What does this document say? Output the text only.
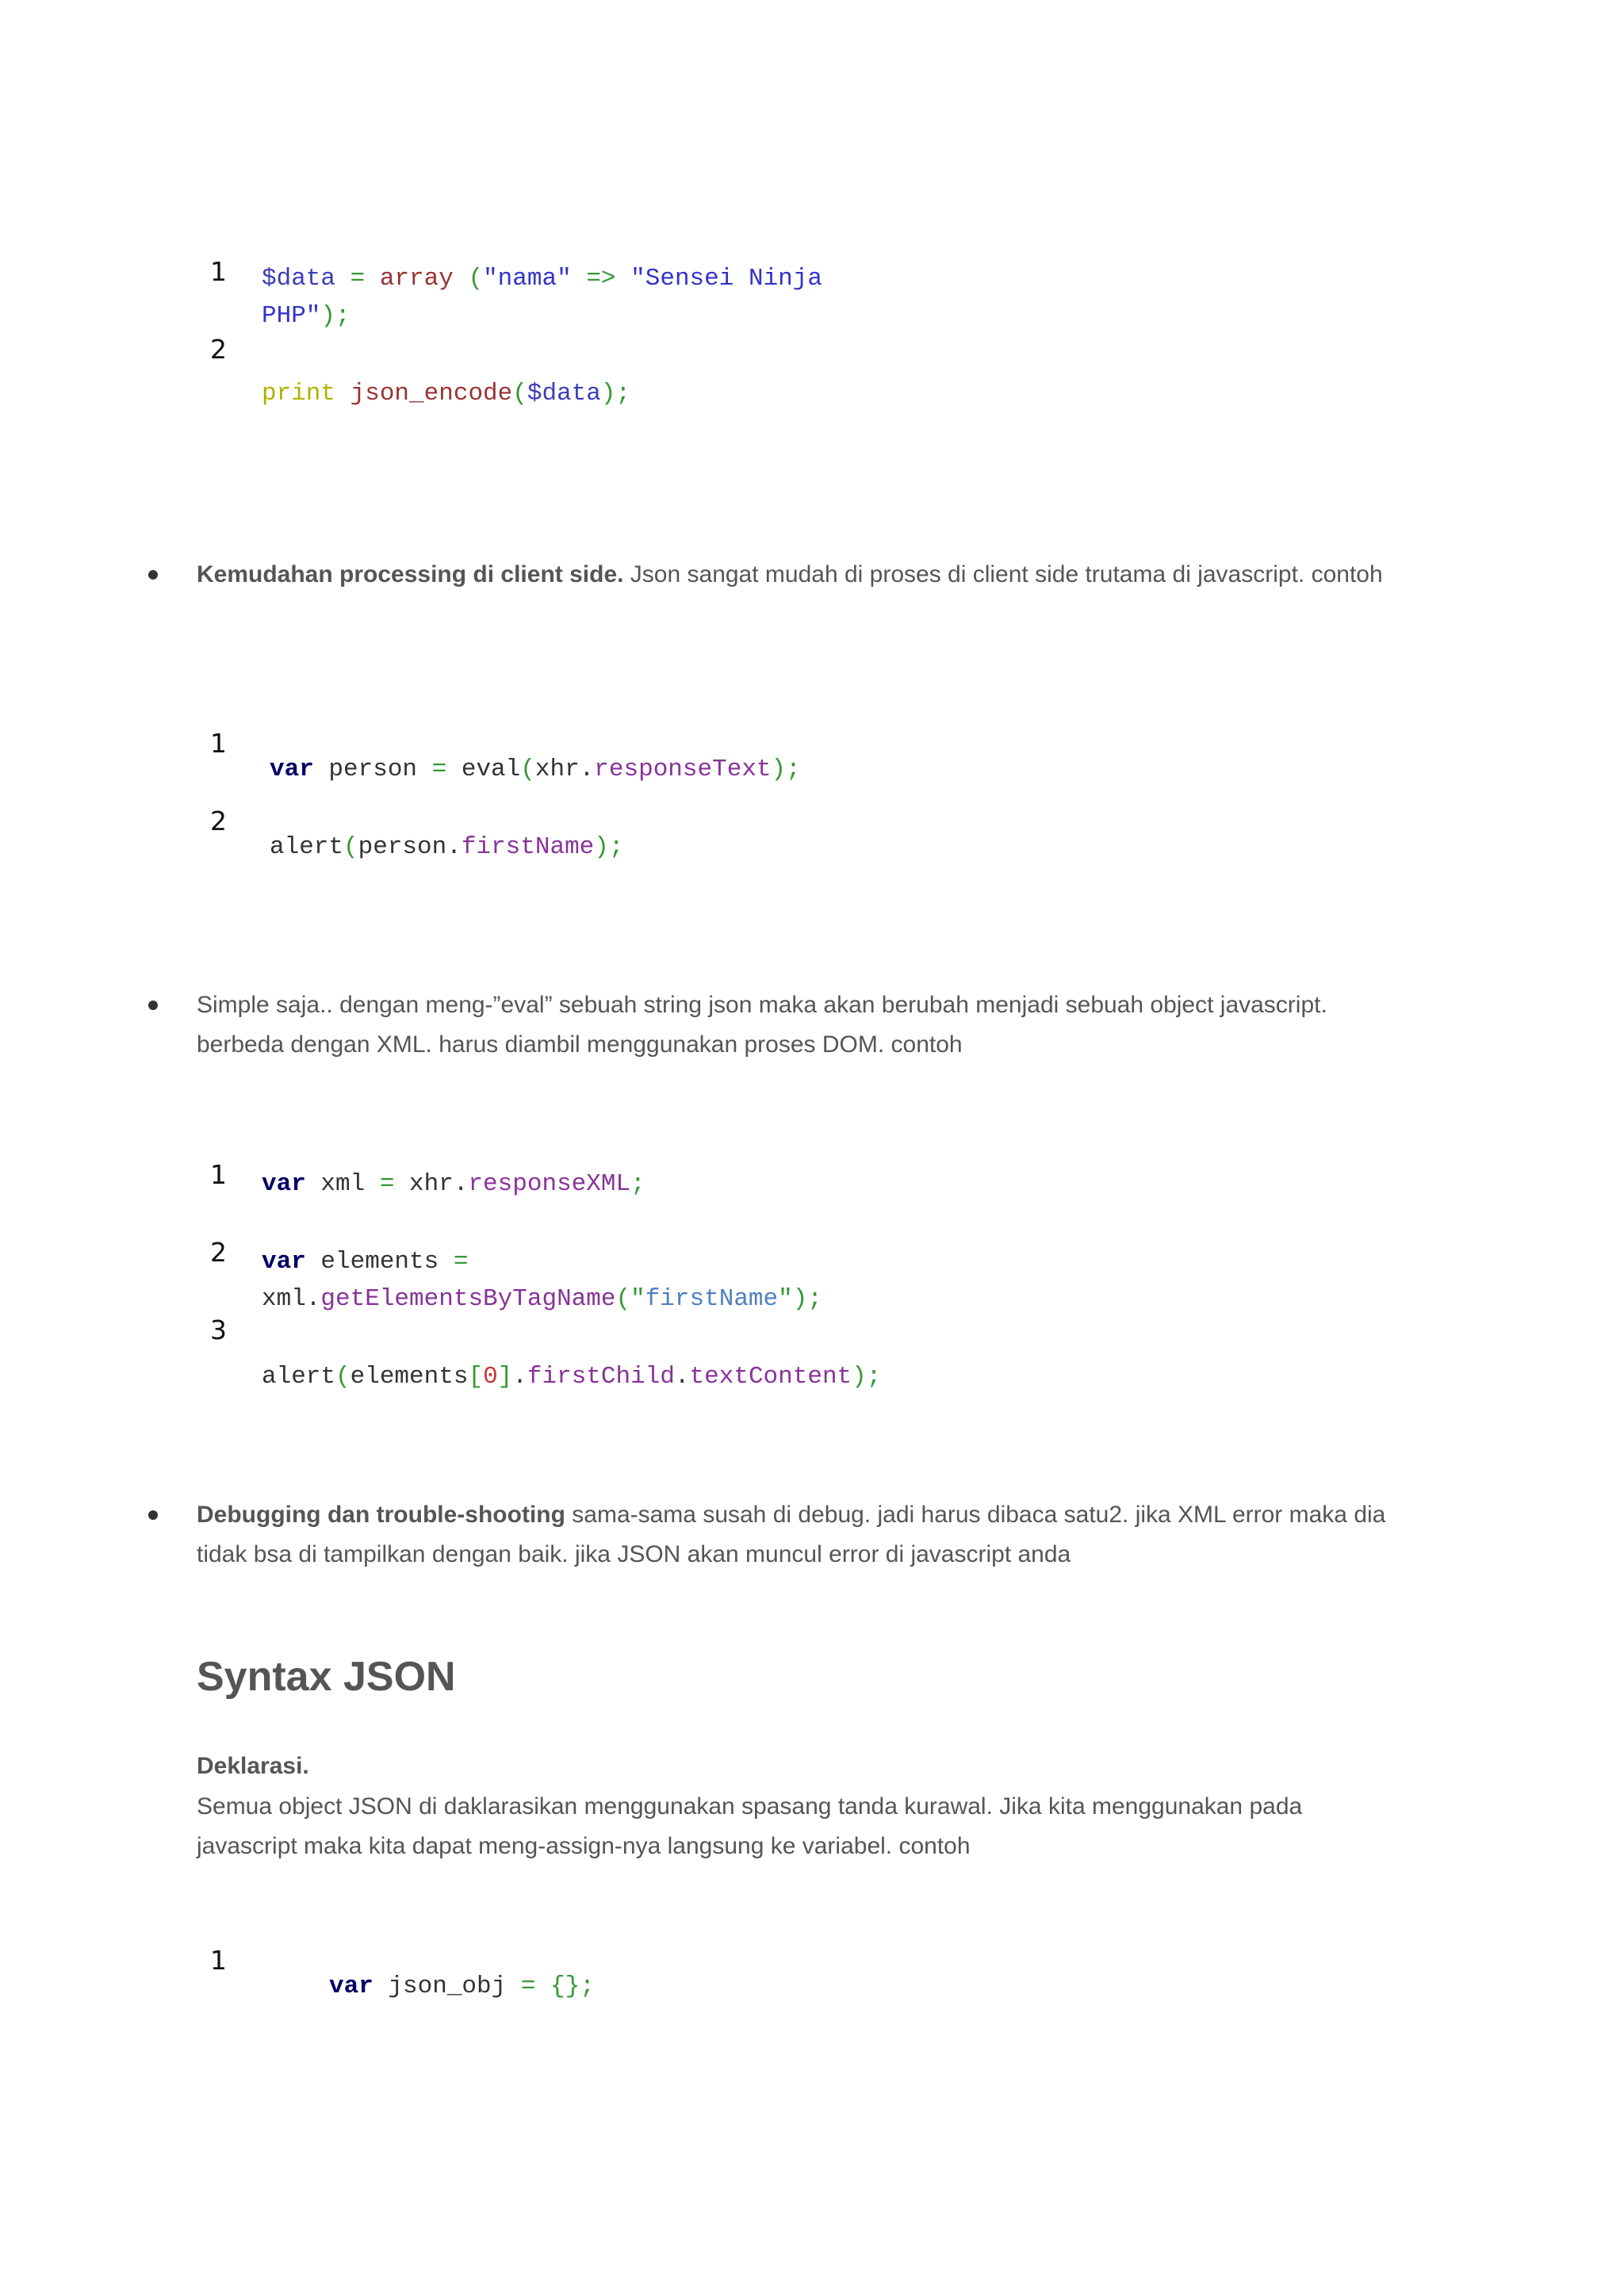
1

2

$data = array ("nama" => "Sensei Ninja

PHP");

print json_encode($data);

Kemudahan processing di client side. Json sangat mudah di proses di client side trutama di javascript. contoh

1

2

var person = eval(xhr.responseText);

alert(person.firstName);

Simple saja.. dengan meng-”eval” sebuah string json maka akan berubah menjadi sebuah object javascript. berbeda dengan XML. harus diambil menggunakan proses DOM. contoh

1

2

3

var xml = xhr.responseXML;

var elements =

xml.getElementsByTagName("firstName");

alert(elements[0].firstChild.textContent);

Debugging dan trouble-shooting sama-sama susah di debug. jadi harus dibaca satu2. jika XML error maka dia tidak bsa di tampilkan dengan baik. jika JSON akan muncul error di javascript anda
Syntax JSON
Deklarasi.
Semua object JSON di daklarasikan menggunakan spasang tanda kurawal. Jika kita menggunakan pada javascript maka kita dapat meng-assign-nya langsung ke variabel. contoh

1

var json_obj = {};
